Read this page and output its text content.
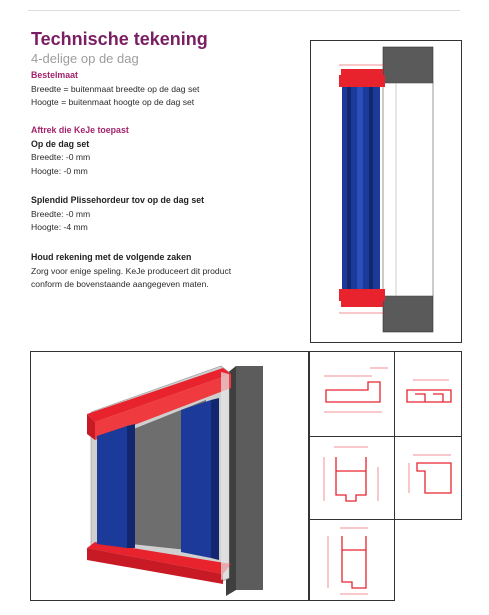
Technische tekening
4-delige op de dag
Bestelmaat
Breedte = buitenmaat breedte op de dag set
Hoogte = buitenmaat hoogte op de dag set
Aftrek die KeJe toepast
Op de dag set
Breedte: -0 mm
Hoogte: -0 mm
Splendid Plissehordeur tov op de dag set
Breedte: -0 mm
Hoogte: -4 mm
Houd rekening met de volgende zaken
Zorg voor enige speling. KeJe produceert dit product
conform de bovenstaande aangegeven maten.
